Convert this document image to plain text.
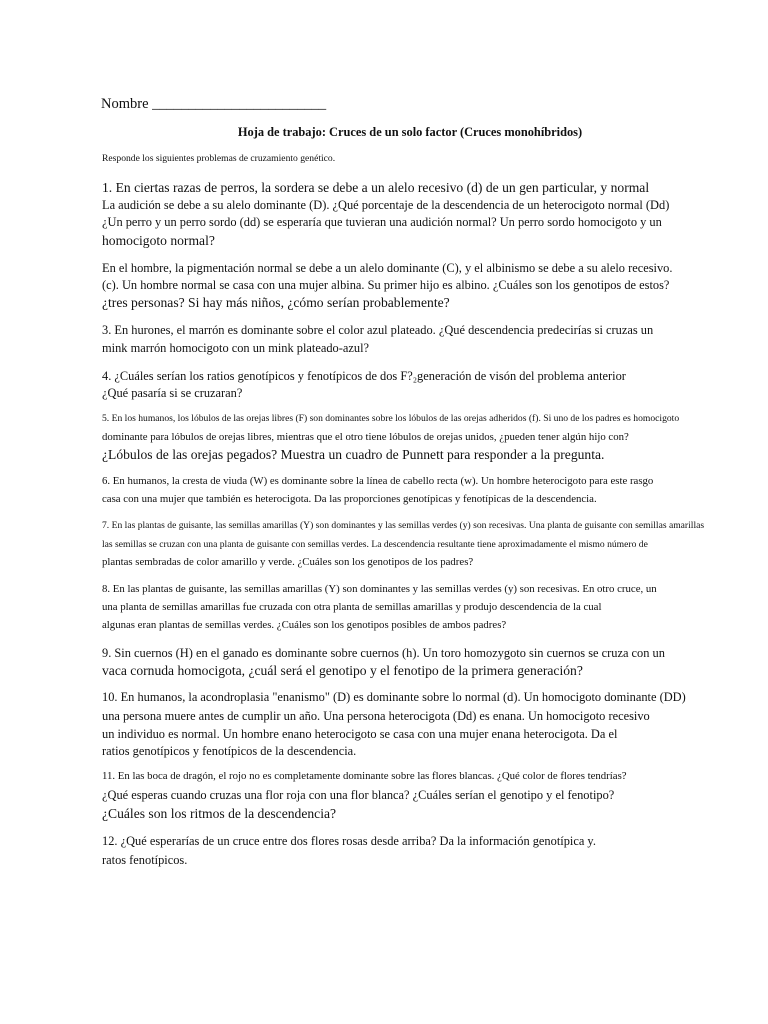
Nombre ________________________

Hoja de trabajo: Cruces de un solo factor (Cruces monohíbridos)

Responde los siguientes problemas de cruzamiento genético.

1. En ciertas razas de perros, la sordera se debe a un alelo recesivo (d) de un gen particular, y normal

La audición se debe a su alelo dominante (D). ¿Qué porcentaje de la descendencia de un heterocigoto normal (Dd)

¿Un perro y un perro sordo (dd) se esperaría que tuvieran una audición normal? Un perro sordo homocigoto y un

homocigoto normal?

En el hombre, la pigmentación normal se debe a un alelo dominante (C), y el albinismo se debe a su alelo recesivo.

(c). Un hombre normal se casa con una mujer albina. Su primer hijo es albino. ¿Cuáles son los genotipos de estos?

¿tres personas? Si hay más niños, ¿cómo serían probablemente?

3. En hurones, el marrón es dominante sobre el color azul plateado. ¿Qué descendencia predecirías si cruzas un

mink marrón homocigoto con un mink plateado-azul?

4. ¿Cuáles serían los ratios genotípicos y fenotípicos de dos F?₂generación de visón del problema anterior

¿Qué pasaría si se cruzaran?

5. En los humanos, los lóbulos de las orejas libres (F) son dominantes sobre los lóbulos de las orejas adheridos (f). Si uno de los padres es homocigoto

dominante para lóbulos de orejas libres, mientras que el otro tiene lóbulos de orejas unidos, ¿pueden tener algún hijo con?

¿Lóbulos de las orejas pegados? Muestra un cuadro de Punnett para responder a la pregunta.

6. En humanos, la cresta de viuda (W) es dominante sobre la línea de cabello recta (w). Un hombre heterocigoto para este rasgo

casa con una mujer que también es heterocigota. Da las proporciones genotípicas y fenotípicas de la descendencia.

7. En las plantas de guisante, las semillas amarillas (Y) son dominantes y las semillas verdes (y) son recesivas. Una planta de guisante con semillas amarillas

las semillas se cruzan con una planta de guisante con semillas verdes. La descendencia resultante tiene aproximadamente el mismo número de

plantas sembradas de color amarillo y verde. ¿Cuáles son los genotipos de los padres?

8. En las plantas de guisante, las semillas amarillas (Y) son dominantes y las semillas verdes (y) son recesivas. En otro cruce, un

una planta de semillas amarillas fue cruzada con otra planta de semillas amarillas y produjo descendencia de la cual

algunas eran plantas de semillas verdes. ¿Cuáles son los genotipos posibles de ambos padres?

9. Sin cuernos (H) en el ganado es dominante sobre cuernos (h). Un toro homozygoto sin cuernos se cruza con un

vaca cornuda homocigota, ¿cuál será el genotipo y el fenotipo de la primera generación?

10. En humanos, la acondroplasia "enanismo" (D) es dominante sobre lo normal (d). Un homocigoto dominante (DD)

una persona muere antes de cumplir un año. Una persona heterocigota (Dd) es enana. Un homocigoto recesivo

un individuo es normal. Un hombre enano heterocigoto se casa con una mujer enana heterocigota. Da el

ratios genotípicos y fenotípicos de la descendencia.

11. En las boca de dragón, el rojo no es completamente dominante sobre las flores blancas. ¿Qué color de flores tendrías?

¿Qué esperas cuando cruzas una flor roja con una flor blanca? ¿Cuáles serían el genotipo y el fenotipo?

¿Cuáles son los ritmos de la descendencia?

12. ¿Qué esperarías de un cruce entre dos flores rosas desde arriba? Da la información genotípica y.

ratos fenotípicos.
